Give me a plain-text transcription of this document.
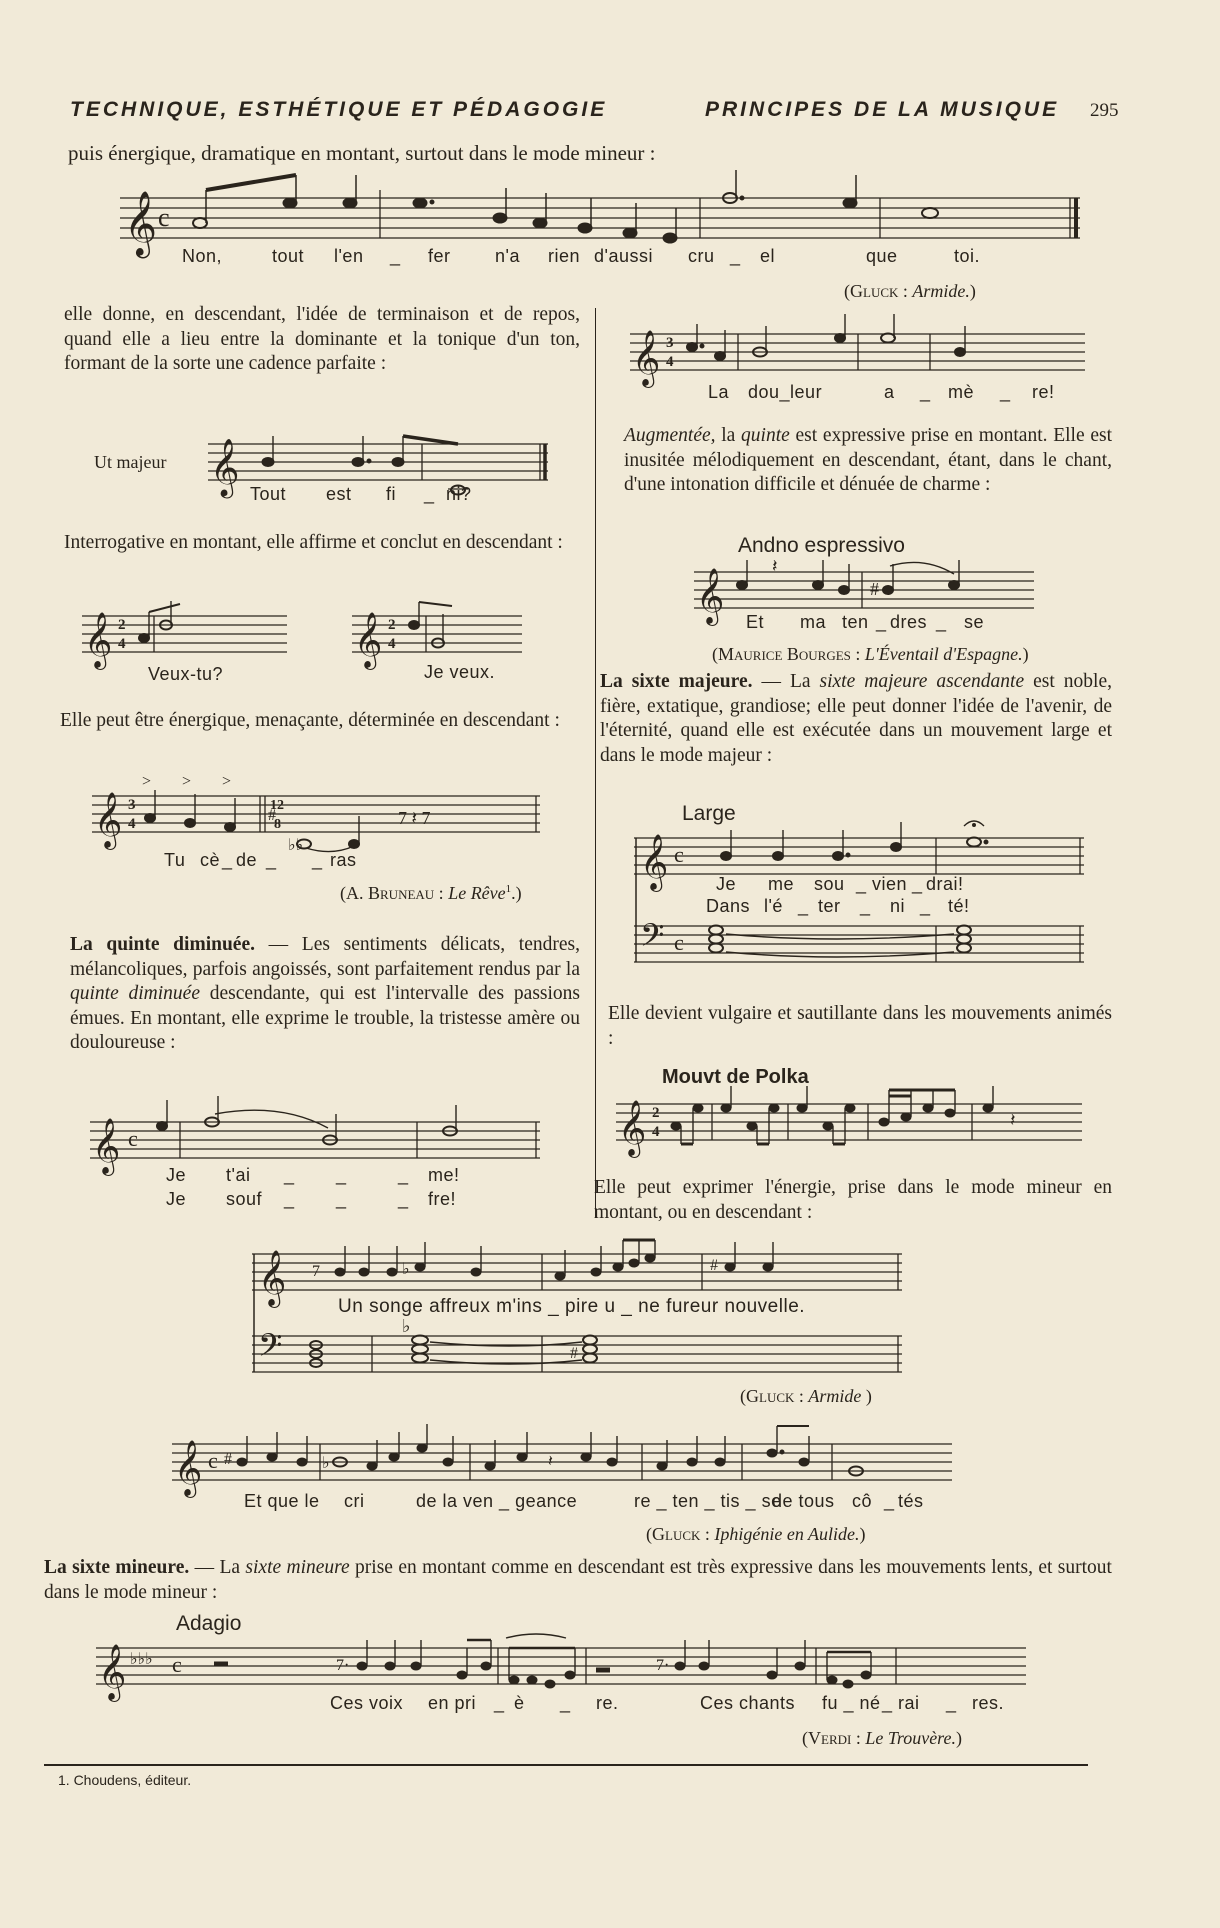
TECHNIQUE, ESTHÉTIQUE ET PÉDAGOGIE	PRINCIPES DE LA MUSIQUE 295
puis énergique, dramatique en montant, surtout dans le mode mineur :
𝄞 c
Non,	tout l'en _ fer n'a rien d'aussi cru _ el	que	toi.
(Gluck : Armide.)
elle donne, en descendant, l'idée de terminaison et de repos, quand elle a lieu entre la dominante et la tonique d'un ton, formant de la sorte une cadence parfaite :
Ut majeur 𝄞 Tout est fi _ ni?
Interrogative en montant, elle affirme et conclut en descendant :
𝄞 2
4
Veux-tu?
𝄞 2
4
Je veux.
Elle peut être énergique, menaçante, déterminée en descendant :
𝄞 3
4
> > >
12
8
#
♭♭
7 𝄽 7
Tu cè _ de _ _ ras
(A. Bruneau : Le Rêve$^1$.)
La quinte diminuée. — Les sentiments délicats, tendres, mélancoliques, parfois angoissés, sont parfaitement rendus par la quinte diminuée descendante, qui est l'intervalle des passions émues. En montant, elle exprime le trouble, la tristesse amère ou douloureuse :
𝄞 c
Je t'ai _ _	_ me!
Je souf _ _	_ fre!
𝄞 3
4
La dou_leur	a _ mè _ re!
Augmentée, la quinte est expressive prise en montant. Elle est inusitée mélodiquement en descendant, étant, dans le chant, d'une intonation difficile et dénuée de charme :
Andno espressivo
𝄞
𝄽
#
Et ma ten _ dres _ se
(Maurice Bourges : L'Éventail d'Espagne.)
La sixte majeure. — La sixte majeure ascendante est noble, fière, extatique, grandiose; elle peut donner l'idée de l'avenir, de l'éternité, quand elle est exécutée dans un mouvement large et dans le mode majeur :
Large
𝄞 c
𝄢 c
Je me sou _ vien _ drai!
Dans l'é _ ter _ ni _ té!
Elle devient vulgaire et sautillante dans les mouvements animés :
Mouvt de Polka
𝄞 2
4
𝄽
Elle peut exprimer l'énergie, prise dans le mode mineur en montant, ou en descendant :
𝄞 7	♭	#
𝄢
♭
#
Un songe affreux m'ins _ pire u _ ne fureur nouvelle.
(Gluck : Armide )
𝄞 c #	♭	𝄽
Et que le cri	de la ven _ geance	re _ ten _ tis _ se
de tous cô _ tés
(Gluck : Iphigénie en Aulide.)
La sixte mineure. — La sixte mineure prise en montant comme en descendant est très expressive dans les mouvements lents, et surtout dans le mode mineur :
Adagio
𝄞 ♭♭♭ c	7·	7·
Ces voix en pri _ è _ re.	Ces chants fu _ né _ rai _ res.
(Verdi : Le Trouvère.)
1. Choudens, éditeur.
